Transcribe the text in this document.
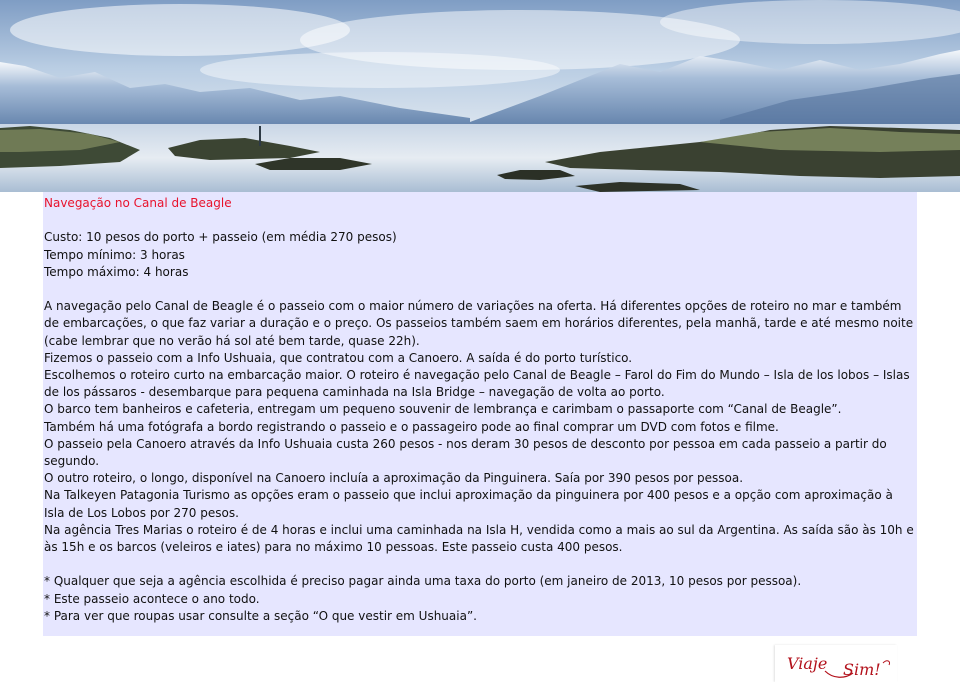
Navegação no Canal de Beagle

Custo: 10 pesos do porto + passeio (em média 270 pesos)

Tempo mínimo: 3 horas

Tempo máximo: 4 horas

A navegação pelo Canal de Beagle é o passeio com o maior número de variações na oferta. Há diferentes opções de roteiro no mar e também de embarcações, o que faz variar a duração e o preço. Os passeios também saem em horários diferentes, pela manhã, tarde e até mesmo noite (cabe lembrar que no verão há sol até bem tarde, quase 22h).

Fizemos o passeio com a Info Ushuaia, que contratou com a Canoero. A saída é do porto turístico.

Escolhemos o roteiro curto na embarcação maior. O roteiro é navegação pelo Canal de Beagle – Farol do Fim do Mundo – Isla de los lobos – Islas de los pássaros - desembarque para pequena caminhada na Isla Bridge – navegação de volta ao porto.

O barco tem banheiros e cafeteria, entregam um pequeno souvenir de lembrança e carimbam o passaporte com “Canal de Beagle”.

Também há uma fotógrafa a bordo registrando o passeio e o passageiro pode ao final comprar um DVD com fotos e filme.

O passeio pela Canoero através da Info Ushuaia custa 260 pesos - nos deram 30 pesos de desconto por pessoa em cada passeio a partir do segundo.

O outro roteiro, o longo, disponível na Canoero incluía a aproximação da Pinguinera. Saía por 390 pesos por pessoa.

Na Talkeyen Patagonia Turismo as opções eram o passeio que inclui aproximação da pinguinera por 400 pesos e a opção com aproximação à Isla de Los Lobos por 270 pesos.

Na agência Tres Marias o roteiro é de 4 horas e inclui uma caminhada na Isla H, vendida como a mais ao sul da Argentina. As saída são às 10h e às 15h e os barcos (veleiros e iates) para no máximo 10 pessoas. Este passeio custa 400 pesos.

* Qualquer que seja a agência escolhida é preciso pagar ainda uma taxa do porto (em janeiro de 2013, 10 pesos por pessoa).

* Este passeio acontece o ano todo.

* Para ver que roupas usar consulte a seção “O que vestir em Ushuaia”.

Viaje Sim!
